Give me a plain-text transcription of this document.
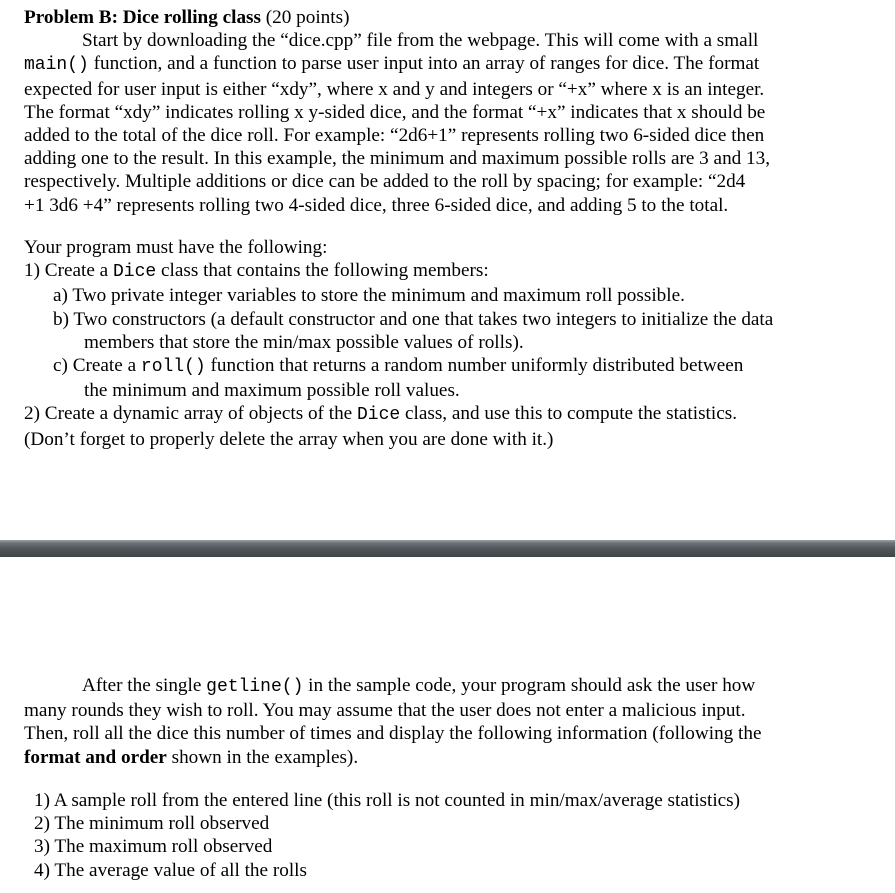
Problem B: Dice rolling class (20 points)
Start by downloading the “dice.cpp” file from the webpage. This will come with a small
main() function, and a function to parse user input into an array of ranges for dice. The format
expected for user input is either “xdy”, where x and y and integers or “+x” where x is an integer.
The format “xdy” indicates rolling x y-sided dice, and the format “+x” indicates that x should be
added to the total of the dice roll. For example: “2d6+1” represents rolling two 6-sided dice then
adding one to the result. In this example, the minimum and maximum possible rolls are 3 and 13,
respectively. Multiple additions or dice can be added to the roll by spacing; for example: “2d4
+1 3d6 +4” represents rolling two 4-sided dice, three 6-sided dice, and adding 5 to the total.
Your program must have the following:
1) Create a Dice class that contains the following members:
a) Two private integer variables to store the minimum and maximum roll possible.
b) Two constructors (a default constructor and one that takes two integers to initialize the data
members that store the min/max possible values of rolls).
c) Create a roll() function that returns a random number uniformly distributed between
the minimum and maximum possible roll values.
2) Create a dynamic array of objects of the Dice class, and use this to compute the statistics.
(Don’t forget to properly delete the array when you are done with it.)
After the single getline() in the sample code, your program should ask the user how
many rounds they wish to roll. You may assume that the user does not enter a malicious input.
Then, roll all the dice this number of times and display the following information (following the
format and order shown in the examples).
1) A sample roll from the entered line (this roll is not counted in min/max/average statistics)
2) The minimum roll observed
3) The maximum roll observed
4) The average value of all the rolls
